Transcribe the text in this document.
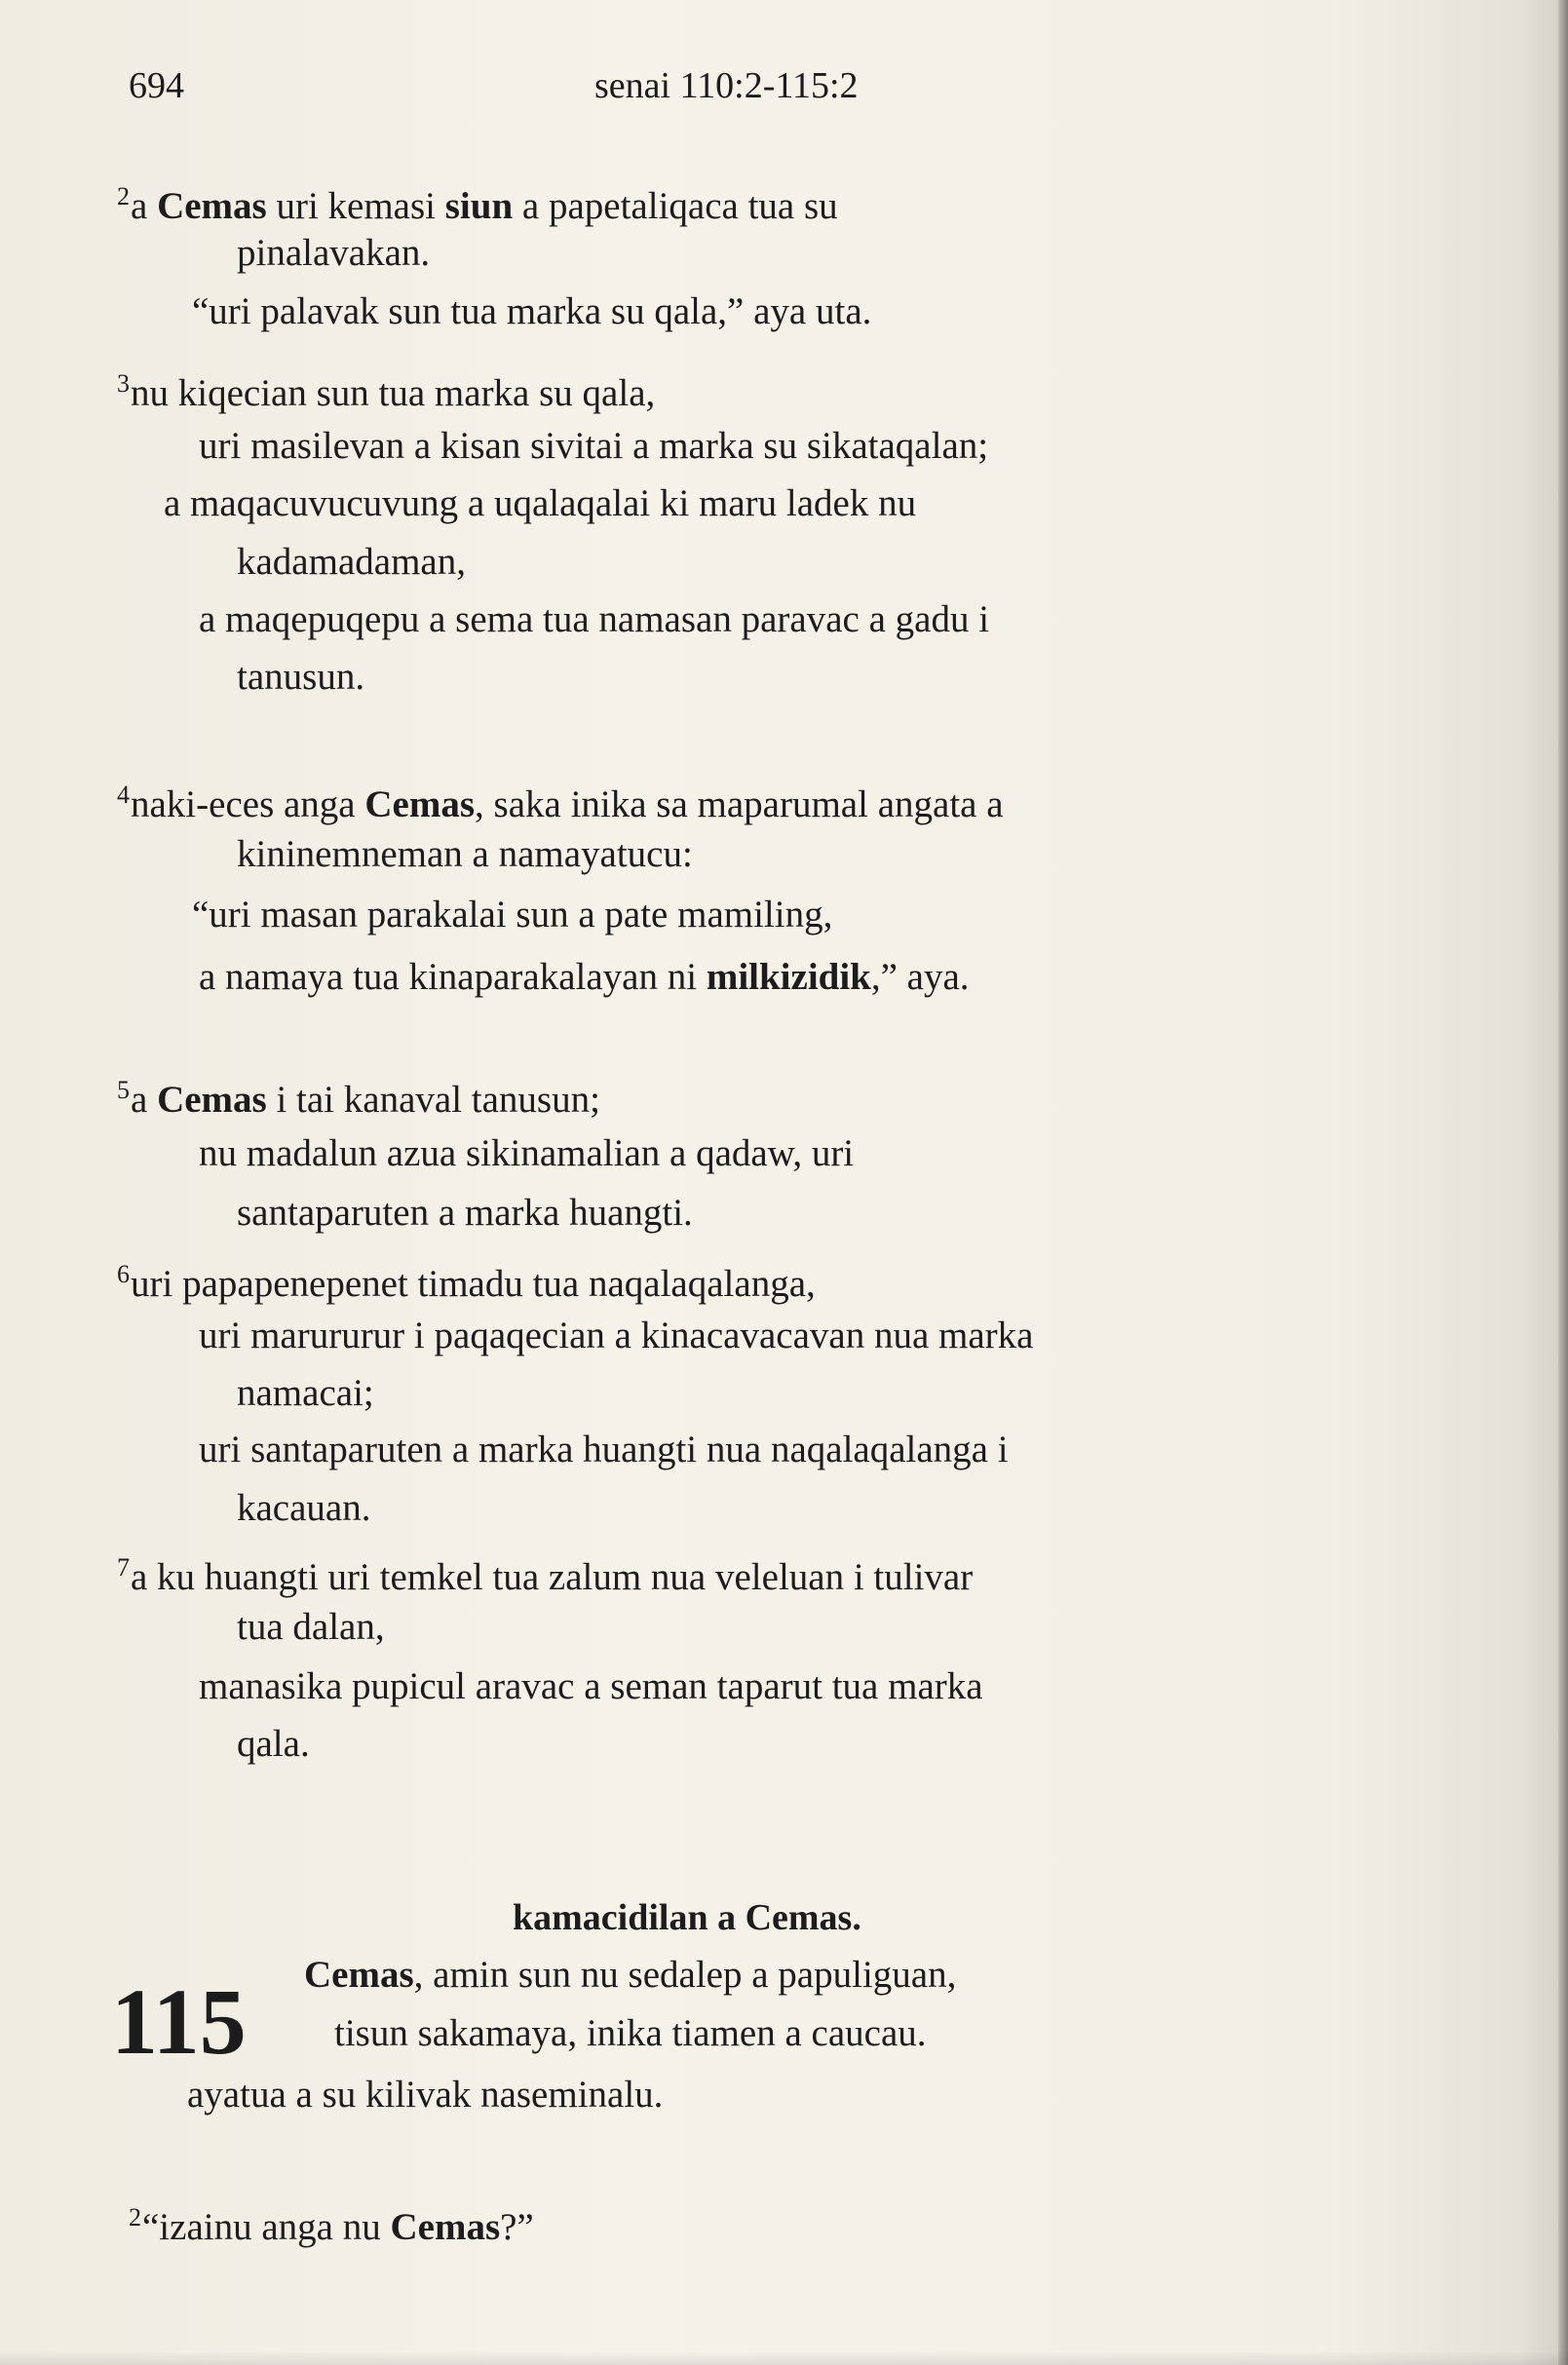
694	senai 110:2-115:2
$^2$a Cemas uri kemasi siun a papetaliqaca tua su
pinalavakan.
“uri palavak sun tua marka su qala,” aya uta.
$^3$nu kiqecian sun tua marka su qala,
uri masilevan a kisan sivitai a marka su sikataqalan;
a maqacuvucuvung a uqalaqalai ki maru ladek nu
kadamadaman,
a maqepuqepu a sema tua namasan paravac a gadu i
tanusun.
$^4$naki-eces anga Cemas, saka inika sa maparumal angata a
kininemneman a namayatucu:
“uri masan parakalai sun a pate mamiling,
a namaya tua kinaparakalayan ni milkizidik,” aya.
$^5$a Cemas i tai kanaval tanusun;
nu madalun azua sikinamalian a qadaw, uri
santaparuten a marka huangti.
$^6$uri papapenepenet timadu tua naqalaqalanga,
uri marururur i paqaqecian a kinacavacavan nua marka
namacai;
uri santaparuten a marka huangti nua naqalaqalanga i
kacauan.
$^7$a ku huangti uri temkel tua zalum nua veleluan i tulivar
tua dalan,
manasika pupicul aravac a seman taparut tua marka
qala.
Cemas, amin sun nu sedalep a papuliguan,
tisun sakamaya, inika tiamen a caucau.
ayatua a su kilivak naseminalu.
$^2$“izainu anga nu Cemas?”
kamacidilan a Cemas.
115
